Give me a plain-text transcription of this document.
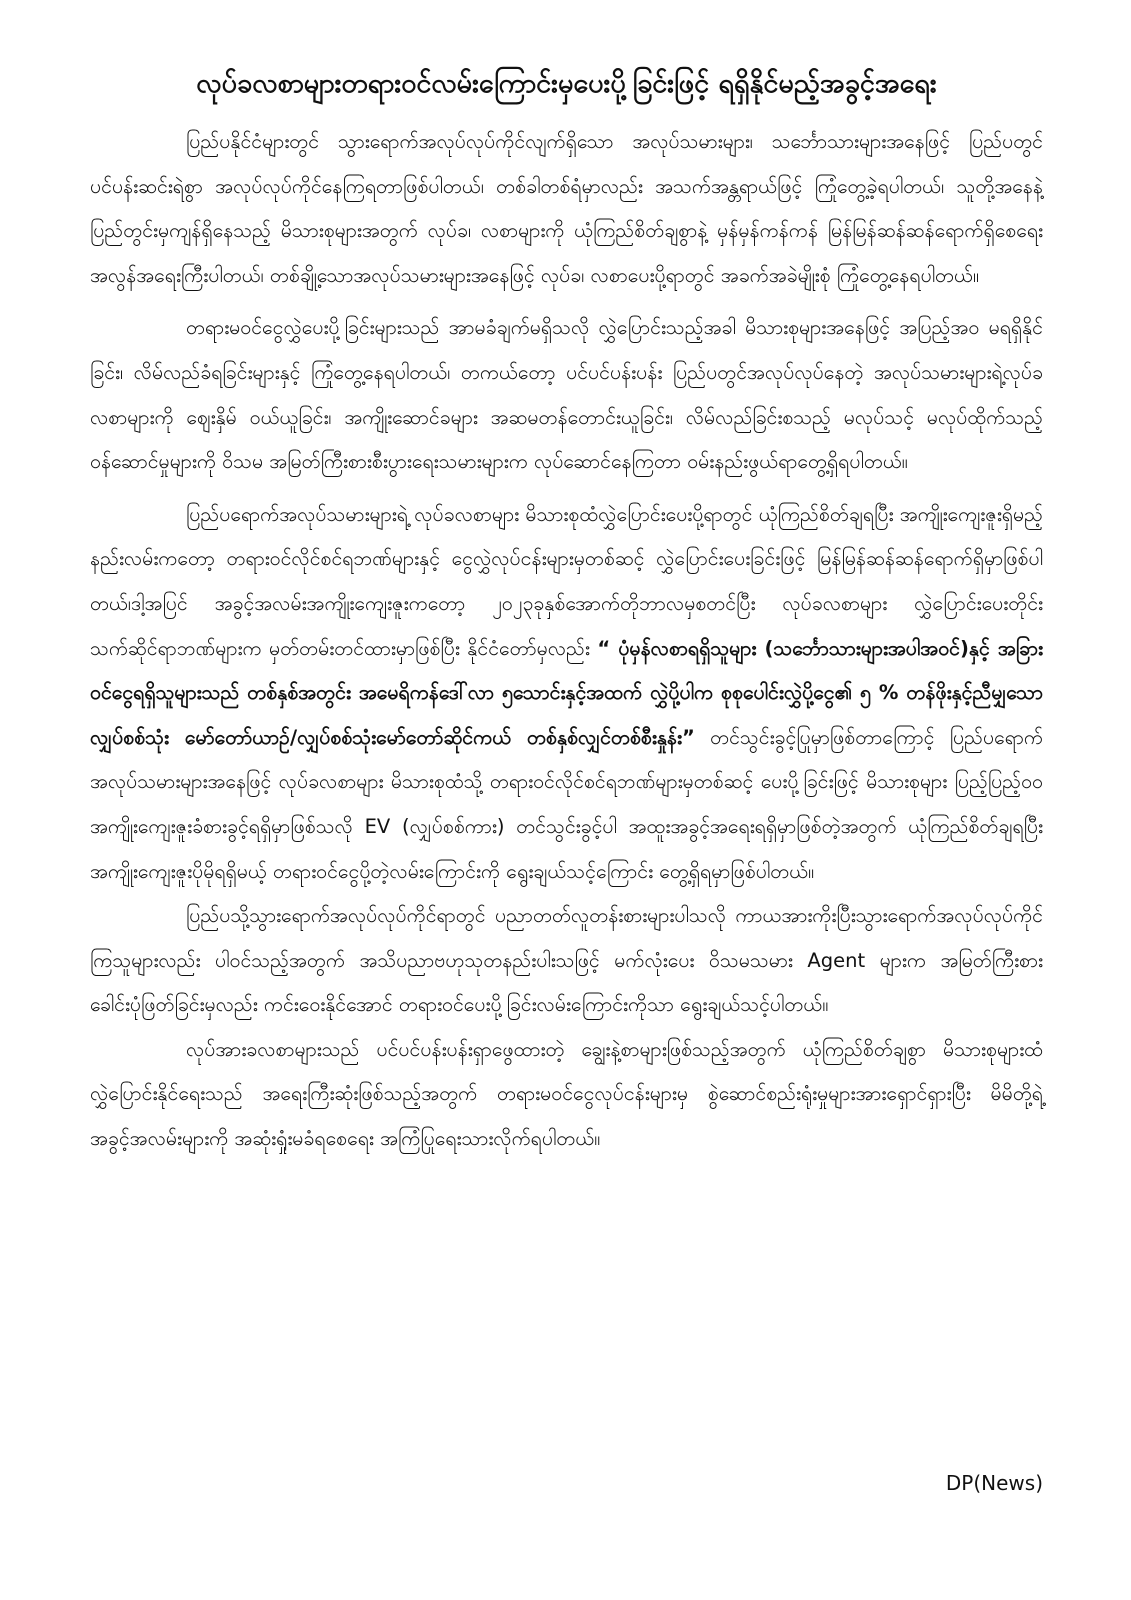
လုပ်ခလစာများတရားဝင်လမ်းကြောင်းမှပေးပို့ခြင်းဖြင့် ရရှိနိုင်မည့်အခွင့်အရေး

ပြည်ပနိုင်ငံများတွင် သွားရောက်အလုပ်လုပ်ကိုင်လျက်ရှိသော အလုပ်သမားများ၊ သင်္ဘောသားများအနေဖြင့် ပြည်ပတွင် ပင်ပန်းဆင်းရဲစွာ အလုပ်လုပ်ကိုင်နေကြရတာဖြစ်ပါတယ်၊ တစ်ခါတစ်ရံမှာလည်း အသက်အန္တရာယ်ဖြင့် ကြုံတွေ့ခဲ့ရပါတယ်၊ သူတို့အနေနဲ့ ပြည်တွင်းမှကျန်ရှိနေသည့် မိသားစုများအတွက် လုပ်ခ၊ လစာများကို ယုံကြည်စိတ်ချစွာနဲ့ မှန်မှန်ကန်ကန် မြန်မြန်ဆန်ဆန်ရောက်ရှိစေရေး အလွန်အရေးကြီးပါတယ်၊ တစ်ချို့သောအလုပ်သမားများအနေဖြင့် လုပ်ခ၊ လစာပေးပို့ရာတွင် အခက်အခဲမျိုးစုံ ကြုံတွေ့နေရပါတယ်။

တရားမဝင်ငွေလွှဲပေးပို့ခြင်းများသည် အာမခံချက်မရှိသလို လွှဲပြောင်းသည့်အခါ မိသားစုများအနေဖြင့် အပြည့်အဝ မရရှိနိုင်ခြင်း၊ လိမ်လည်ခံရခြင်းများနှင့် ကြုံတွေ့နေရပါတယ်၊ တကယ်တော့ ပင်ပင်ပန်းပန်း ပြည်ပတွင်အလုပ်လုပ်နေတဲ့ အလုပ်သမားများရဲ့လုပ်ခလစာများကို ဈေးနှိမ် ဝယ်ယူခြင်း၊ အကျိုးဆောင်ခများ အဆမတန်တောင်းယူခြင်း၊ လိမ်လည်ခြင်းစသည့် မလုပ်သင့် မလုပ်ထိုက်သည့်ဝန်ဆောင်မှုများကို ဝိသမ အမြတ်ကြီးစားစီးပွားရေးသမားများက လုပ်ဆောင်နေကြတာ ဝမ်းနည်းဖွယ်ရာတွေ့ရှိရပါတယ်။

ပြည်ပရောက်အလုပ်သမားများရဲ့ လုပ်ခလစာများ မိသားစုထံလွှဲပြောင်းပေးပို့ရာတွင် ယုံကြည်စိတ်ချရပြီး အကျိုးကျေးဇူးရှိမည့်နည်းလမ်းကတော့ တရားဝင်လိုင်စင်ရဘဏ်များနှင့် ငွေလွှဲလုပ်ငန်းများမှတစ်ဆင့် လွှဲပြောင်းပေးခြင်းဖြင့် မြန်မြန်ဆန်ဆန်ရောက်ရှိမှာဖြစ်ပါတယ်၊ဒါ့အပြင် အခွင့်အလမ်းအကျိုးကျေးဇူးကတော့ ၂၀၂၃ခုနှစ်အောက်တိုဘာလမှစတင်ပြီး လုပ်ခလစာများ လွှဲပြောင်းပေးတိုင်းသက်ဆိုင်ရာဘဏ်များက မှတ်တမ်းတင်ထားမှာဖြစ်ပြီး နိုင်ငံတော်မှလည်း “ ပုံမှန်လစာရရှိသူများ (သင်္ဘောသားများအပါအဝင်)နှင့် အခြားဝင်ငွေရရှိသူများသည် တစ်နှစ်အတွင်း အမေရိကန်ဒေါ်လာ ၅သောင်းနှင့်အထက် လွှဲပို့ပါက စုစုပေါင်းလွှဲပို့ငွေ၏ ၅ % တန်ဖိုးနှင့်ညီမျှသော လျှပ်စစ်သုံး မော်တော်ယာဉ်/လျှပ်စစ်သုံးမော်တော်ဆိုင်ကယ် တစ်နှစ်လျှင်တစ်စီးနှုန်း” တင်သွင်းခွင့်ပြုမှာဖြစ်တာကြောင့် ပြည်ပရောက်အလုပ်သမားများအနေဖြင့် လုပ်ခလစာများ မိသားစုထံသို့ တရားဝင်လိုင်စင်ရဘဏ်များမှတစ်ဆင့် ပေးပို့ခြင်းဖြင့် မိသားစုများ ပြည့်ပြည့်ဝဝ အကျိုးကျေးဇူးခံစားခွင့်ရရှိမှာဖြစ်သလို EV (လျှပ်စစ်ကား) တင်သွင်းခွင့်ပါ အထူးအခွင့်အရေးရရှိမှာဖြစ်တဲ့အတွက် ယုံကြည်စိတ်ချရပြီး အကျိုးကျေးဇူးပိုမိုရရှိမယ့် တရားဝင်ငွေပို့တဲ့လမ်းကြောင်းကို ရွေးချယ်သင့်ကြောင်း တွေ့ရှိရမှာဖြစ်ပါတယ်။

ပြည်ပသို့သွားရောက်အလုပ်လုပ်ကိုင်ရာတွင် ပညာတတ်လူတန်းစားများပါသလို ကာယအားကိုးပြီးသွားရောက်အလုပ်လုပ်ကိုင်ကြသူများလည်း ပါဝင်သည့်အတွက် အသိပညာဗဟုသုတနည်းပါးသဖြင့် မက်လုံးပေး ဝိသမသမား Agent များက အမြတ်ကြီးစားခေါင်းပုံဖြတ်ခြင်းမှလည်း ကင်းဝေးနိုင်အောင် တရားဝင်ပေးပို့ခြင်းလမ်းကြောင်းကိုသာ ရွေးချယ်သင့်ပါတယ်။

လုပ်အားခလစာများသည် ပင်ပင်ပန်းပန်းရှာဖွေထားတဲ့ ချွေးနဲ့စာများဖြစ်သည့်အတွက် ယုံကြည်စိတ်ချစွာ မိသားစုများထံလွှဲပြောင်းနိုင်ရေးသည် အရေးကြီးဆုံးဖြစ်သည့်အတွက် တရားမဝင်ငွေလုပ်ငန်းများမှ စွဲဆောင်စည်းရုံးမှုများအားရှောင်ရှားပြီး မိမိတို့ရဲ့အခွင့်အလမ်းများကို အဆုံးရှုံးမခံရစေရေး အကြံပြုရေးသားလိုက်ရပါတယ်။

DP(News)
